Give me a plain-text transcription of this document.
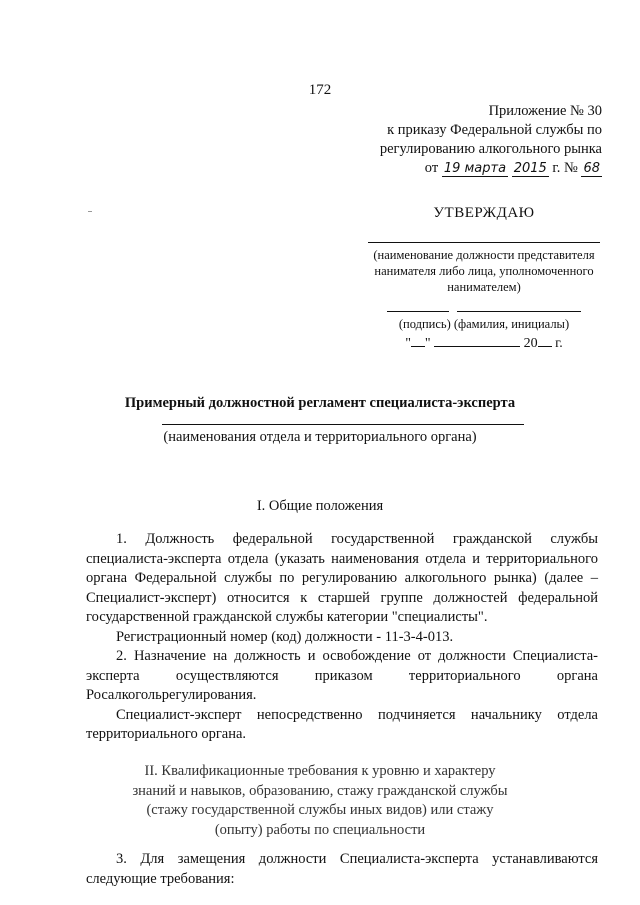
172
Приложение № 30
к приказу Федеральной службы по
регулированию алкогольного рынка
от 19 марта 2015 г. № 68
УТВЕРЖДАЮ
(наименование должности представителя нанимателя либо лица, уполномоченного нанимателем)
(подпись) (фамилия, инициалы)
" "	20 г.
Примерный должностной регламент специалиста-эксперта
(наименования отдела и территориального органа)
I. Общие положения

1. Должность федеральной государственной гражданской службы специалиста-эксперта отдела (указать наименования отдела и территориального органа Федеральной службы по регулированию алкогольного рынка) (далее – Специалист-эксперт) относится к старшей группе должностей федеральной государственной гражданской службы категории "специалисты".

Регистрационный номер (код) должности - 11-3-4-013.

2. Назначение на должность и освобождение от должности Специалиста-эксперта осуществляются приказом территориального органа Росалкогольрегулирования.

Специалист-эксперт непосредственно подчиняется начальнику отдела территориального органа.

II. Квалификационные требования к уровню и характеру
знаний и навыков, образованию, стажу гражданской службы
(стажу государственной службы иных видов) или стажу
(опыту) работы по специальности

3. Для замещения должности Специалиста-эксперта устанавливаются следующие требования:
